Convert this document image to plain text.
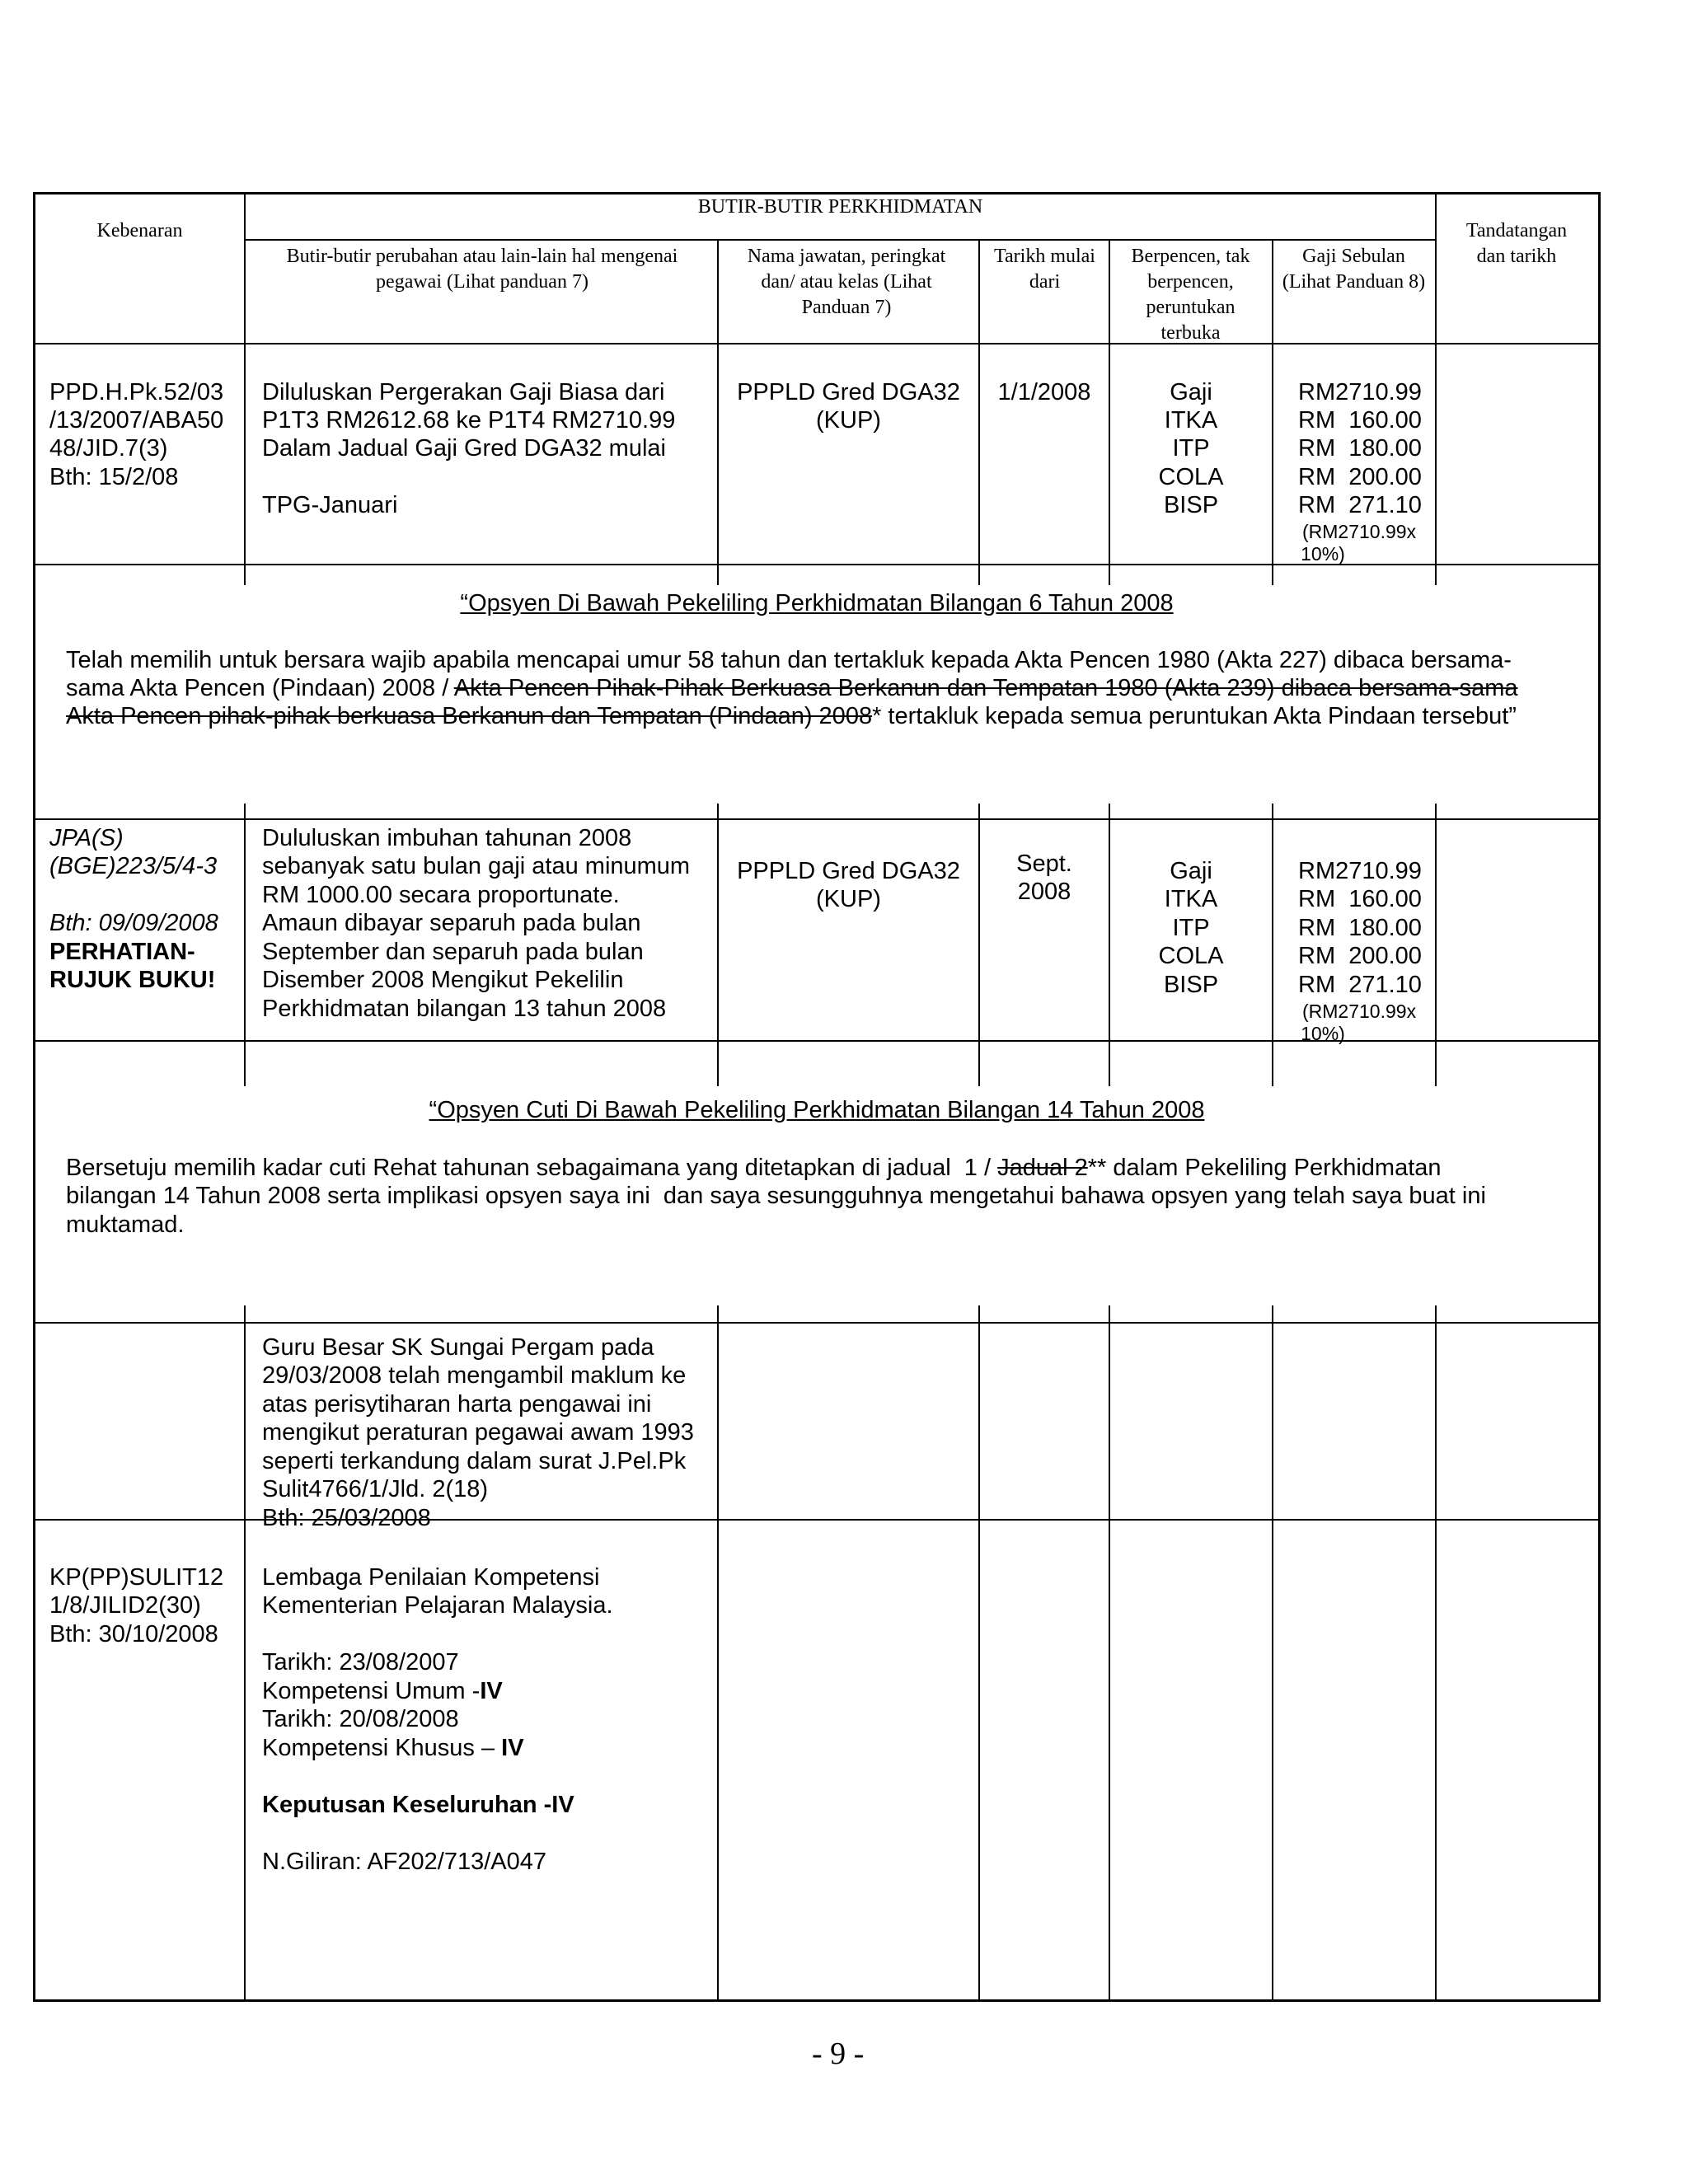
Kebenaran
BUTIR-BUTIR PERKHIDMATAN
Tandatangan dan tarikh
Butir-butir perubahan atau lain-lain hal mengenai pegawai (Lihat panduan 7)
Nama jawatan, peringkat dan/ atau kelas (Lihat Panduan 7)
Tarikh mulai dari
Berpencen, tak berpencen, peruntukan terbuka
Gaji Sebulan (Lihat Panduan 8)
PPD.H.Pk.52/03
/13/2007/ABA50
48/JID.7(3)
Bth: 15/2/08
Diluluskan Pergerakan Gaji Biasa dari
P1T3 RM2612.68 ke P1T4 RM2710.99
Dalam Jadual Gaji Gred DGA32 mulai
TPG-Januari
PPPLD Gred DGA32
(KUP)
1/1/2008	Gaji
ITKA
ITP
COLA
BISP
RM2710.99
RM  160.00
RM  180.00
RM  200.00
RM  271.10
(RM2710.99x
10%)
“Opsyen Di Bawah Pekeliling Perkhidmatan Bilangan 6 Tahun 2008
Telah memilih untuk bersara wajib apabila mencapai umur 58 tahun dan tertakluk kepada Akta Pencen 1980 (Akta 227) dibaca bersama-
sama Akta Pencen (Pindaan) 2008 / Akta Pencen Pihak-Pihak Berkuasa Berkanun dan Tempatan 1980 (Akta 239) dibaca bersama-sama
Akta Pencen pihak-pihak berkuasa Berkanun dan Tempatan (Pindaan) 2008* tertakluk kepada semua peruntukan Akta Pindaan tersebut”
JPA(S)
(BGE)223/5/4-3
Bth: 09/09/2008
PERHATIAN-
RUJUK BUKU!
Dululuskan imbuhan tahunan 2008
sebanyak satu bulan gaji atau minumum
RM 1000.00 secara proportunate.
Amaun dibayar separuh pada bulan
September dan separuh pada bulan
Disember 2008 Mengikut Pekelilin
Perkhidmatan bilangan 13 tahun 2008
PPPLD Gred DGA32
(KUP)
Sept.
2008
Gaji
ITKA
ITP
COLA
BISP
RM2710.99
RM  160.00
RM  180.00
RM  200.00
RM  271.10
(RM2710.99x
10%)
“Opsyen Cuti Di Bawah Pekeliling Perkhidmatan Bilangan 14 Tahun 2008
Bersetuju memilih kadar cuti Rehat tahunan sebagaimana yang ditetapkan di jadual  1 / Jadual 2** dalam Pekeliling Perkhidmatan
bilangan 14 Tahun 2008 serta implikasi opsyen saya ini  dan saya sesungguhnya mengetahui bahawa opsyen yang telah saya buat ini
muktamad.
Guru Besar SK Sungai Pergam pada
29/03/2008 telah mengambil maklum ke
atas perisytiharan harta pengawai ini
mengikut peraturan pegawai awam 1993
seperti terkandung dalam surat J.Pel.Pk
Sulit4766/1/Jld. 2(18)
Bth: 25/03/2008
KP(PP)SULIT12
1/8/JILID2(30)
Bth: 30/10/2008
Lembaga Penilaian Kompetensi
Kementerian Pelajaran Malaysia.
Tarikh: 23/08/2007
Kompetensi Umum -IV
Tarikh: 20/08/2008
Kompetensi Khusus – IV
Keputusan Keseluruhan -IV
N.Giliran: AF202/713/A047
- 9 -
